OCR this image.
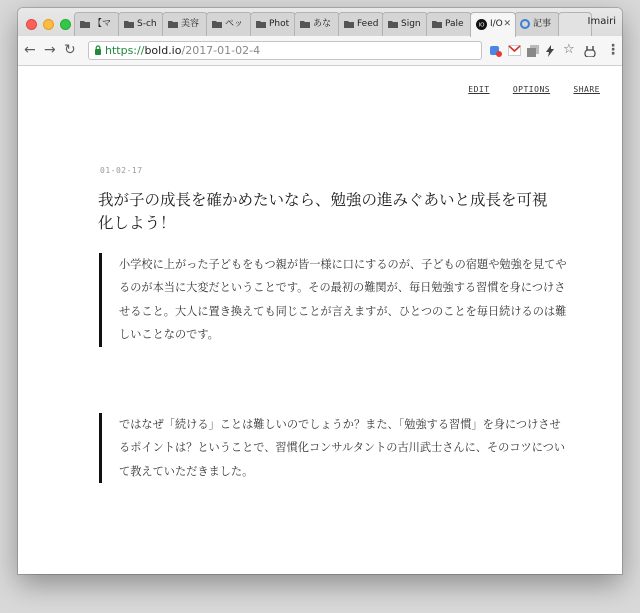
【マ	S-ch	美容	ペッ	Phot	あな	Feed	Sign	Pale	IO I/O ✕	記事	Imairi
← → ↻	https://bold.io/2017-01-02-4	☆ ⋮
EDIT	OPTIONS	SHARE
01-02-17
我が子の成長を確かめたいなら、勉強の進みぐあいと成長を可視化しよう！
小学校に上がった子どもをもつ親が皆一様に口にするのが、子どもの宿題や勉強を見てやるのが本当に大変だということです。その最初の難関が、毎日勉強する習慣を身につけさせること。大人に置き換えても同じことが言えますが、ひとつのことを毎日続けるのは難しいことなのです。
ではなぜ「続ける」ことは難しいのでしょうか？また、「勉強する習慣」を身につけさせるポイントは？ということで、習慣化コンサルタントの古川武士さんに、そのコツについて教えていただきました。
